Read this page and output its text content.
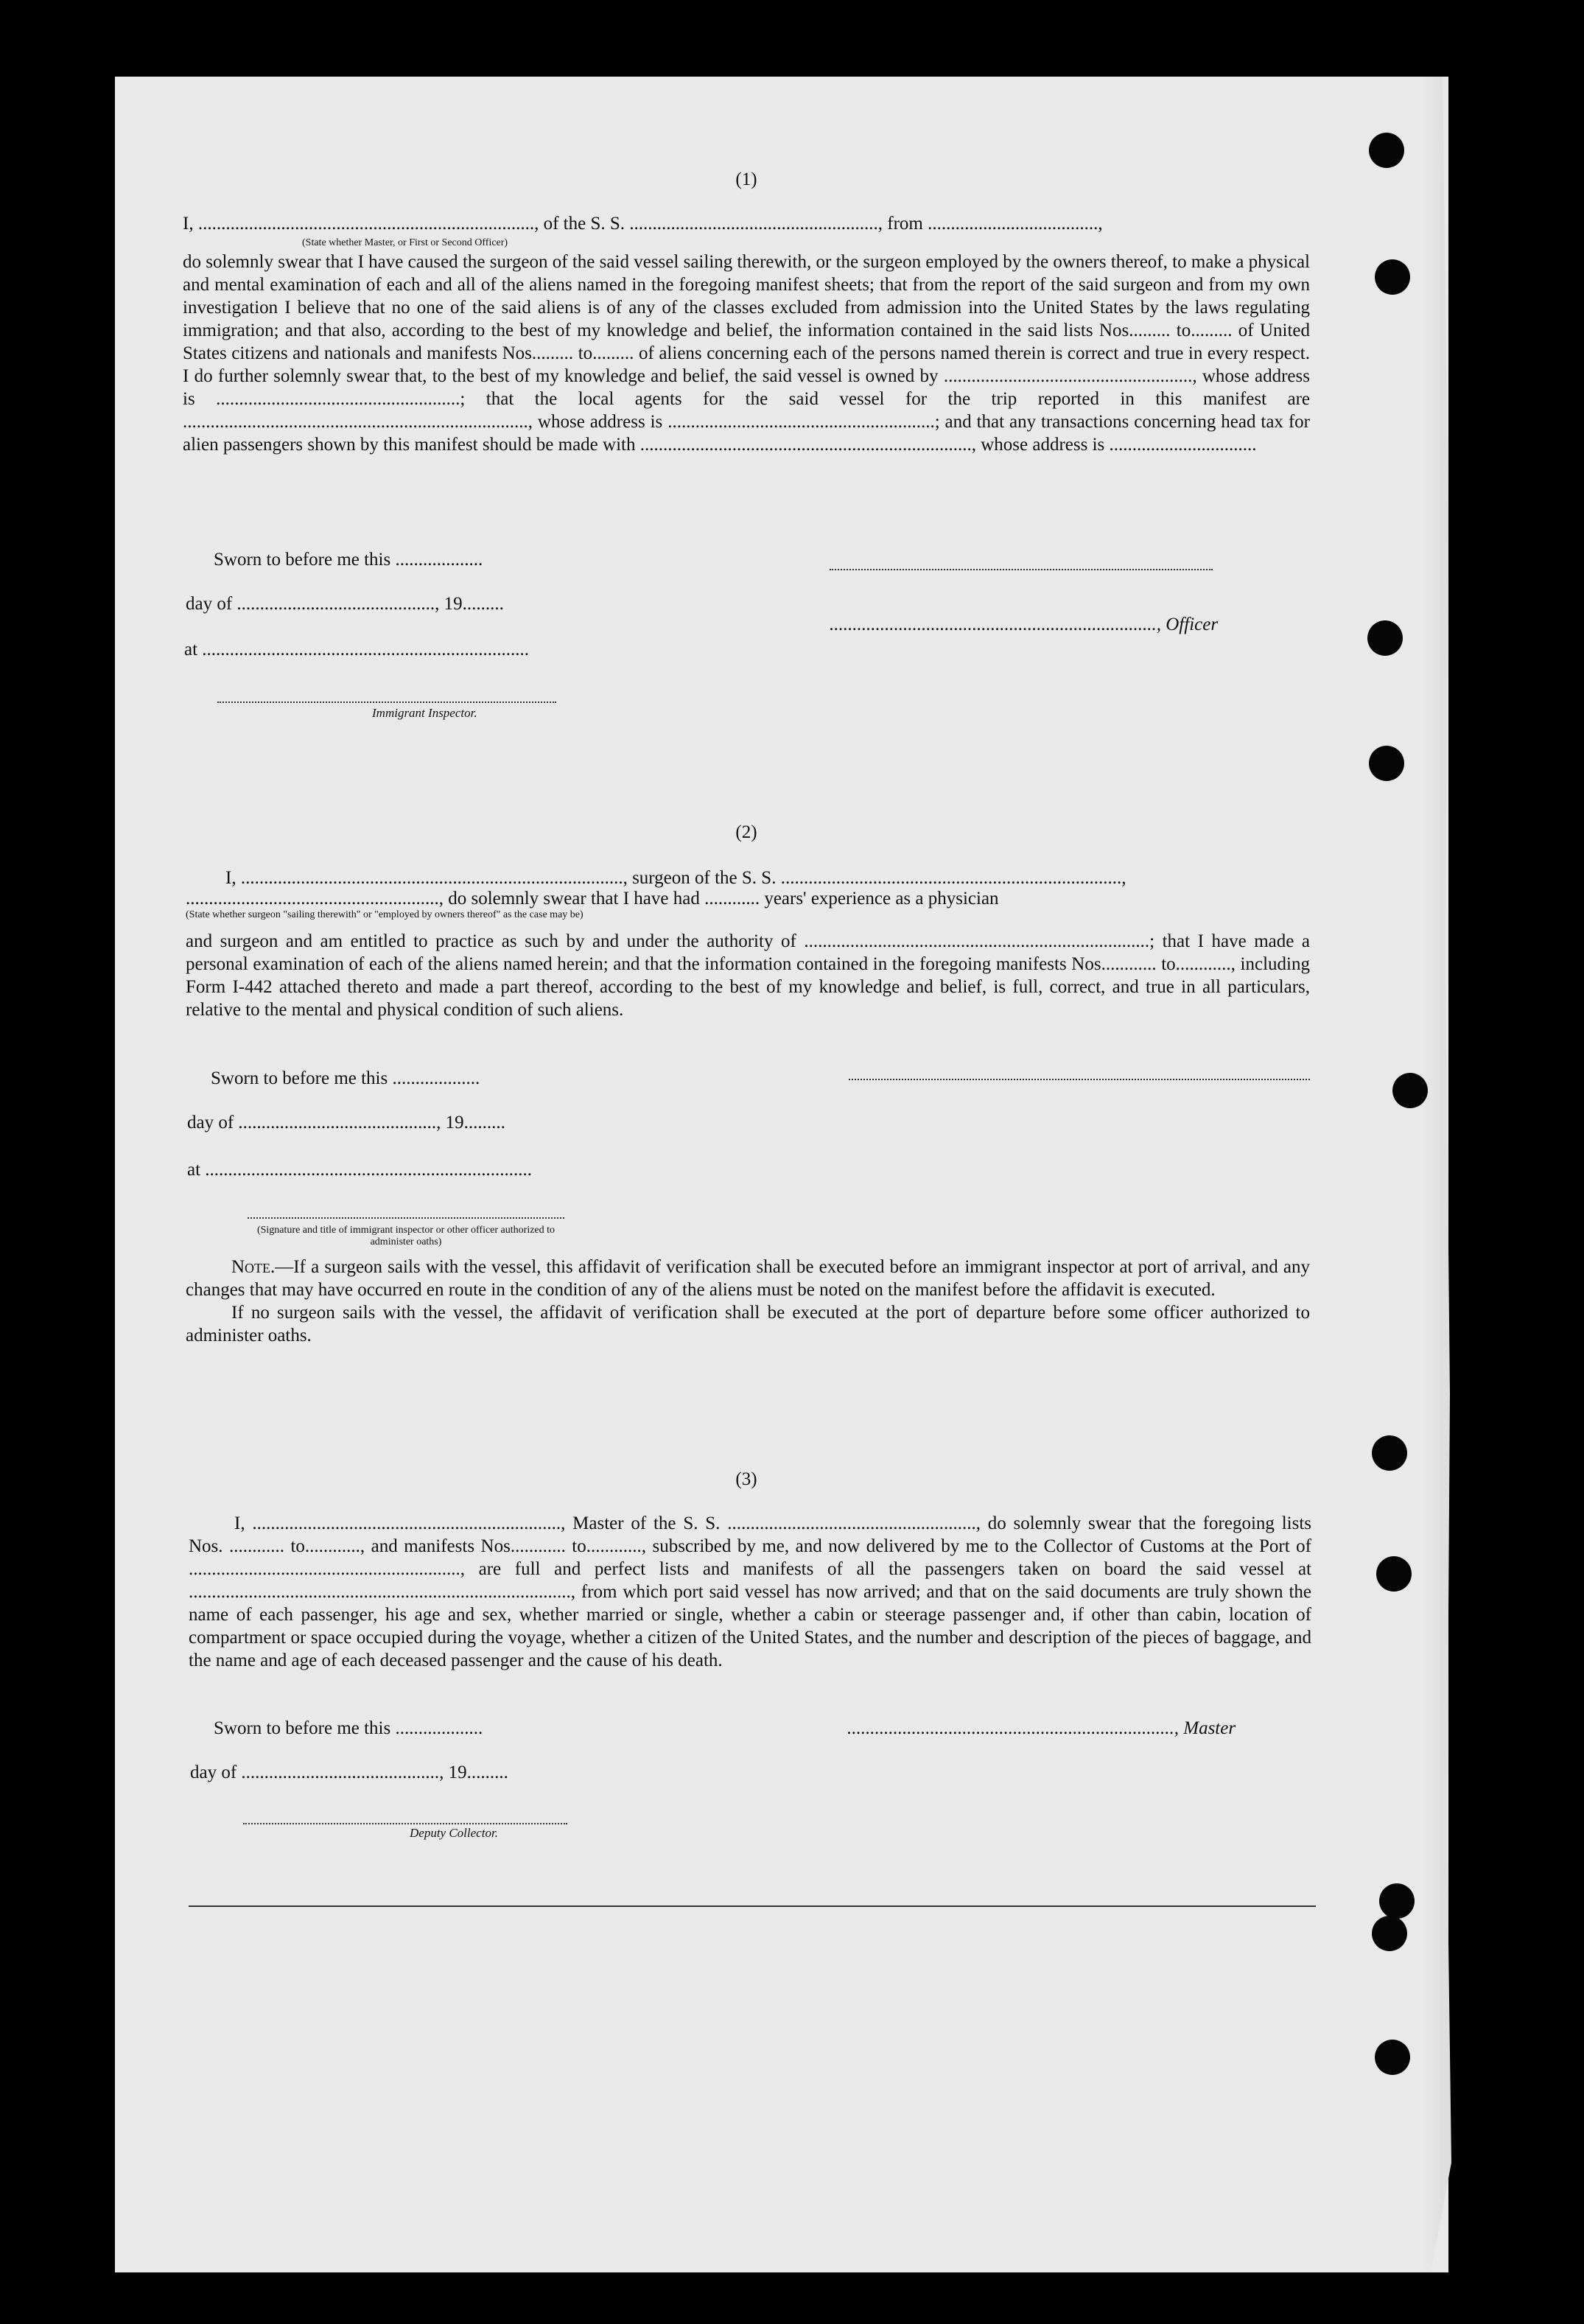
(1)
I, ........................................................................., of the S. S. ......................................................, from .....................................,
(State whether Master, or First or Second Officer)

do solemnly swear that I have caused the surgeon of the said vessel sailing therewith, or the surgeon employed by the owners thereof, to make a physical and mental examination of each and all of the aliens named in the foregoing manifest sheets; that from the report of the said surgeon and from my own investigation I believe that no one of the said aliens is of any of the classes excluded from admission into the United States by the laws regulating immigration; and that also, according to the best of my knowledge and belief, the information contained in the said lists Nos......... to......... of United States citizens and nationals and manifests Nos......... to......... of aliens concerning each of the persons named therein is correct and true in every respect. I do further solemnly swear that, to the best of my knowledge and belief, the said vessel is owned by ......................................................, whose address is .....................................................; that the local agents for the said vessel for the trip reported in this manifest are ..........................................................................., whose address is ..........................................................; and that any transactions concerning head tax for alien passengers shown by this manifest should be made with ........................................................................, whose address is ................................

Sworn to before me this ...................
day of ..........................................., 19.........
......................................................................., Officer
at .......................................................................
Immigrant Inspector.
(2)
I, ..................................................................................., surgeon of the S. S. ..........................................................................,
......................................................., do solemnly swear that I have had ............ years' experience as a physician
(State whether surgeon "sailing therewith" or "employed by owners thereof" as the case may be)

and surgeon and am entitled to practice as such by and under the authority of ...........................................................................; that I have made a personal examination of each of the aliens named herein; and that the information contained in the foregoing manifests Nos............ to............, including Form I-442 attached thereto and made a part thereof, according to the best of my knowledge and belief, is full, correct, and true in all particulars, relative to the mental and physical condition of such aliens.

Sworn to before me this ...................
day of ..........................................., 19.........
at .......................................................................
(Signature and title of immigrant inspector or other officer authorized to administer oaths)

Note.—If a surgeon sails with the vessel, this affidavit of verification shall be executed before an immigrant inspector at port of arrival, and any changes that may have occurred en route in the condition of any of the aliens must be noted on the manifest before the affidavit is executed.

If no surgeon sails with the vessel, the affidavit of verification shall be executed at the port of departure before some officer authorized to administer oaths.

(3)

I, ..................................................................., Master of the S. S. ......................................................, do solemnly swear that the foregoing lists Nos. ............ to............, and manifests Nos............ to............, subscribed by me, and now delivered by me to the Collector of Customs at the Port of ..........................................................., are full and perfect lists and manifests of all the passengers taken on board the said vessel at ..................................................................................., from which port said vessel has now arrived; and that on the said documents are truly shown the name of each passenger, his age and sex, whether married or single, whether a cabin or steerage passenger and, if other than cabin, location of compartment or space occupied during the voyage, whether a citizen of the United States, and the number and description of the pieces of baggage, and the name and age of each deceased passenger and the cause of his death.

Sworn to before me this ...................	......................................................................., Master
day of ..........................................., 19.........
Deputy Collector.
